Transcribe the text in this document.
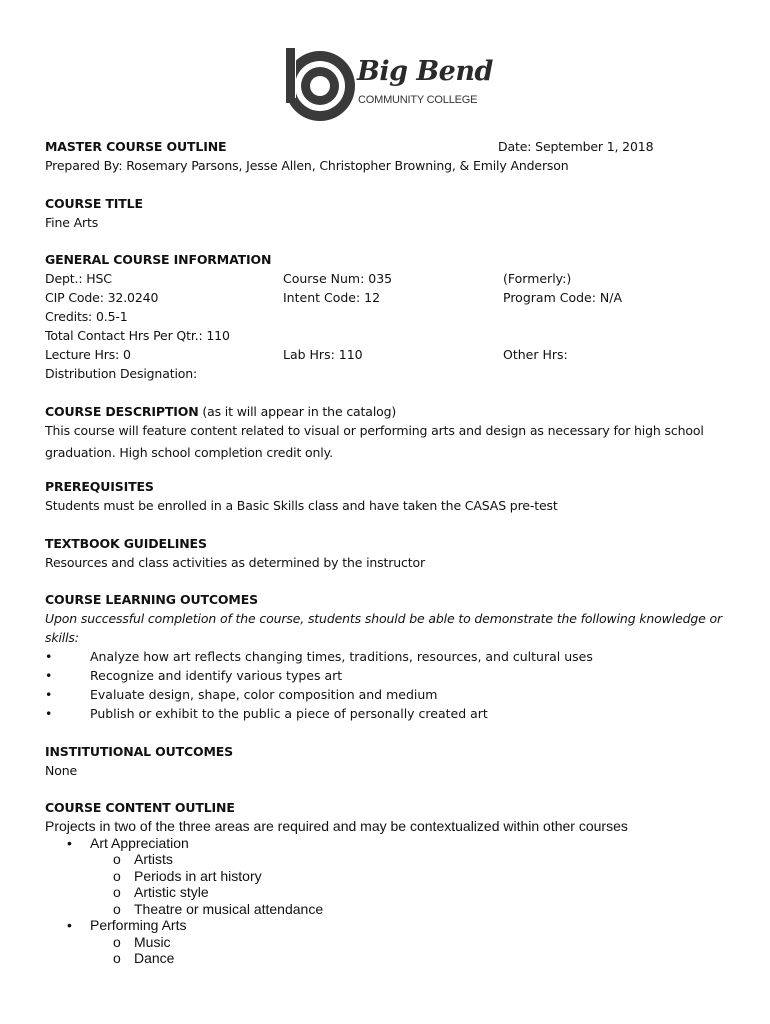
Big Bend
COMMUNITY COLLEGE
MASTER COURSE OUTLINE	Date: September 1, 2018
Prepared By: Rosemary Parsons, Jesse Allen, Christopher Browning, & Emily Anderson
COURSE TITLE
Fine Arts
GENERAL COURSE INFORMATION
Dept.: HSC	Course Num: 035	(Formerly:)
CIP Code: 32.0240	Intent Code: 12	Program Code: N/A
Credits: 0.5-1
Total Contact Hrs Per Qtr.: 110
Lecture Hrs: 0	Lab Hrs: 110	Other Hrs:
Distribution Designation:
COURSE DESCRIPTION (as it will appear in the catalog)
This course will feature content related to visual or performing arts and design as necessary for high school
graduation. High school completion credit only.
PREREQUISITES
Students must be enrolled in a Basic Skills class and have taken the CASAS pre-test
TEXTBOOK GUIDELINES
Resources and class activities as determined by the instructor
COURSE LEARNING OUTCOMES
Upon successful completion of the course, students should be able to demonstrate the following knowledge or
skills:
•	Analyze how art reflects changing times, traditions, resources, and cultural uses
•	Recognize and identify various types art
•	Evaluate design, shape, color composition and medium
•	Publish or exhibit to the public a piece of personally created art
INSTITUTIONAL OUTCOMES
None
COURSE CONTENT OUTLINE
Projects in two of the three areas are required and may be contextualized within other courses
• Art Appreciation
o Artists
o Periods in art history
o Artistic style
o Theatre or musical attendance
• Performing Arts
o Music
o Dance
